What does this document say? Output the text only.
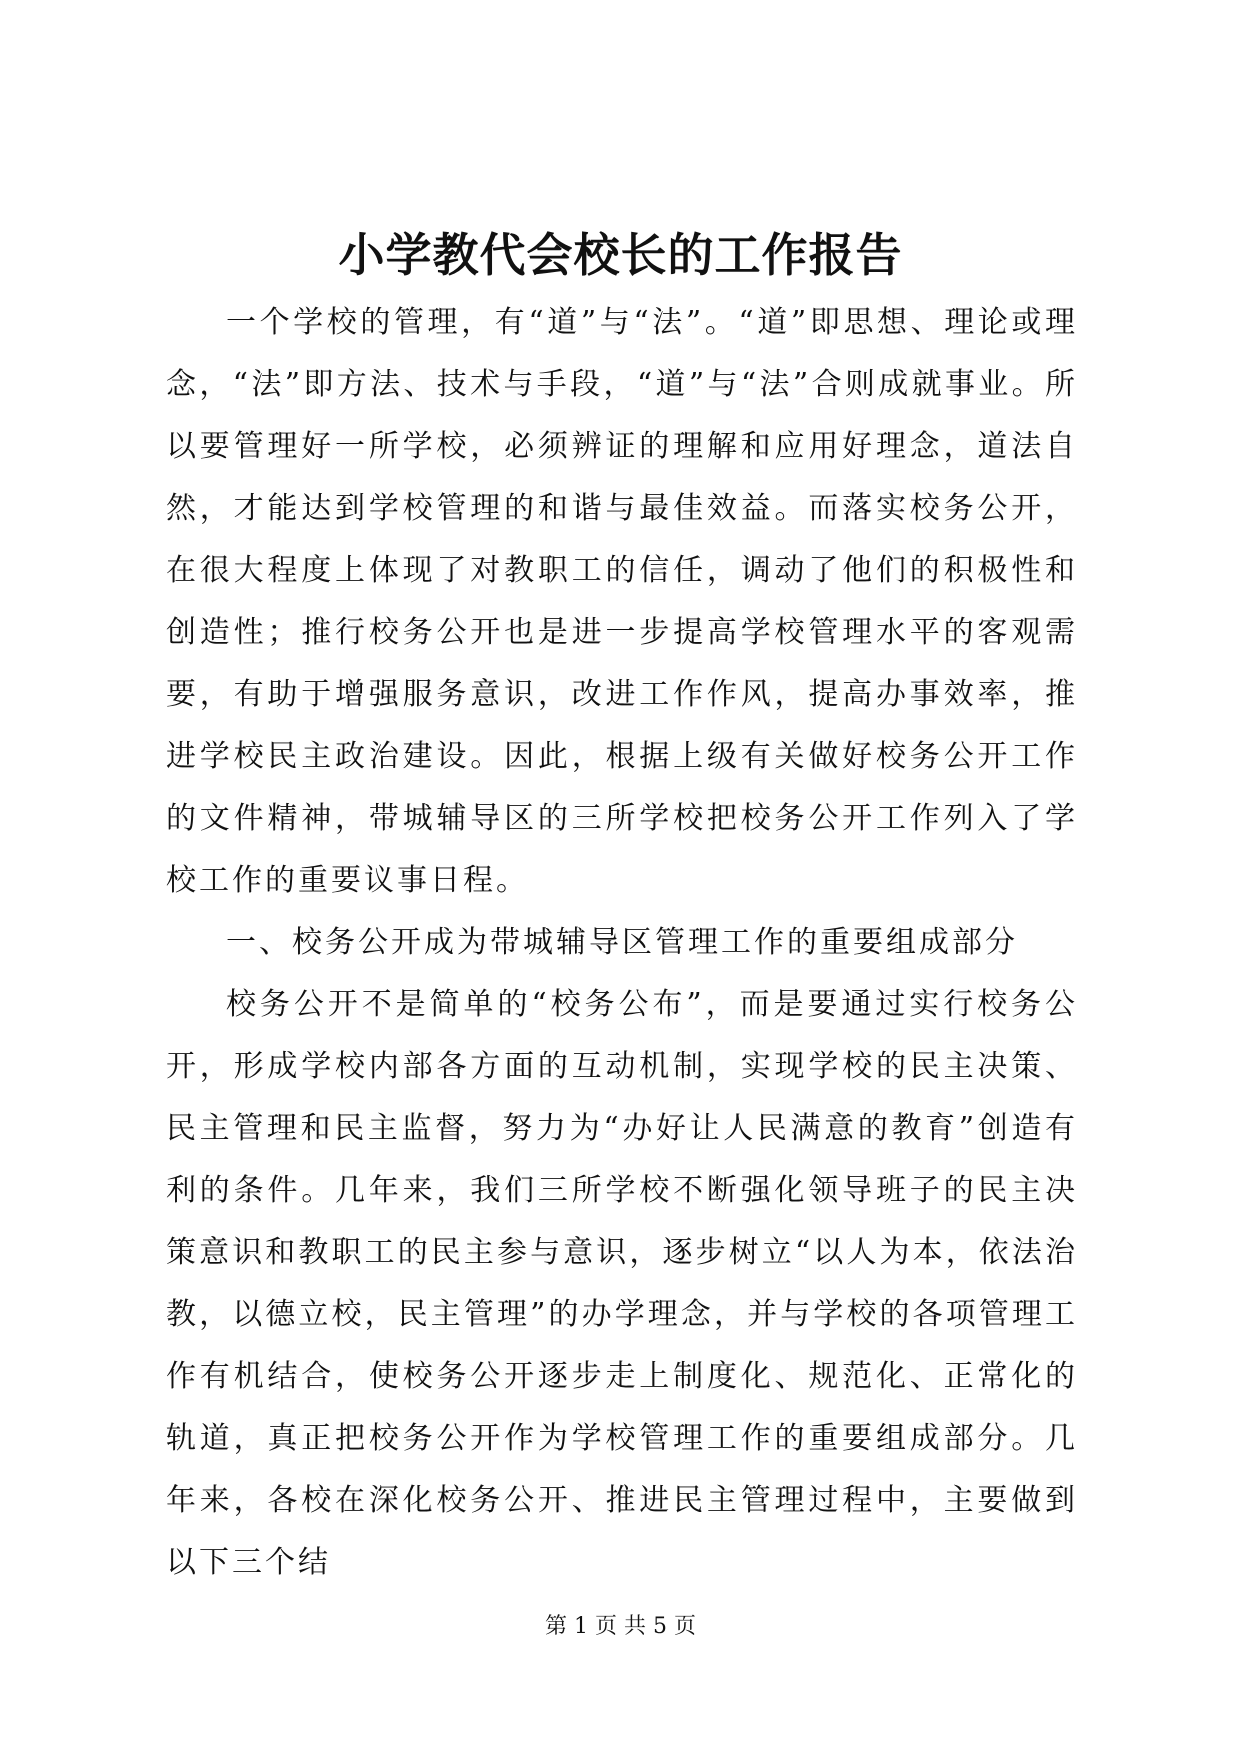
小学教代会校长的工作报告

一个学校的管理，有“道”与“法”。“道”即思想、理论或理念，“法”即方法、技术与手段，“道”与“法”合则成就事业。所以要管理好一所学校，必须辨证的理解和应用好理念，道法自然，才能达到学校管理的和谐与最佳效益。而落实校务公开，在很大程度上体现了对教职工的信任，调动了他们的积极性和创造性；推行校务公开也是进一步提高学校管理水平的客观需要，有助于增强服务意识，改进工作作风，提高办事效率，推进学校民主政治建设。因此，根据上级有关做好校务公开工作的文件精神，带城辅导区的三所学校把校务公开工作列入了学校工作的重要议事日程。

一、校务公开成为带城辅导区管理工作的重要组成部分

校务公开不是简单的“校务公布”，而是要通过实行校务公开，形成学校内部各方面的互动机制，实现学校的民主决策、民主管理和民主监督，努力为“办好让人民满意的教育”创造有利的条件。几年来，我们三所学校不断强化领导班子的民主决策意识和教职工的民主参与意识，逐步树立“以人为本，依法治教，以德立校，民主管理”的办学理念，并与学校的各项管理工作有机结合，使校务公开逐步走上制度化、规范化、正常化的轨道，真正把校务公开作为学校管理工作的重要组成部分。几年来，各校在深化校务公开、推进民主管理过程中，主要做到以下三个结

第 1 页 共 5 页
